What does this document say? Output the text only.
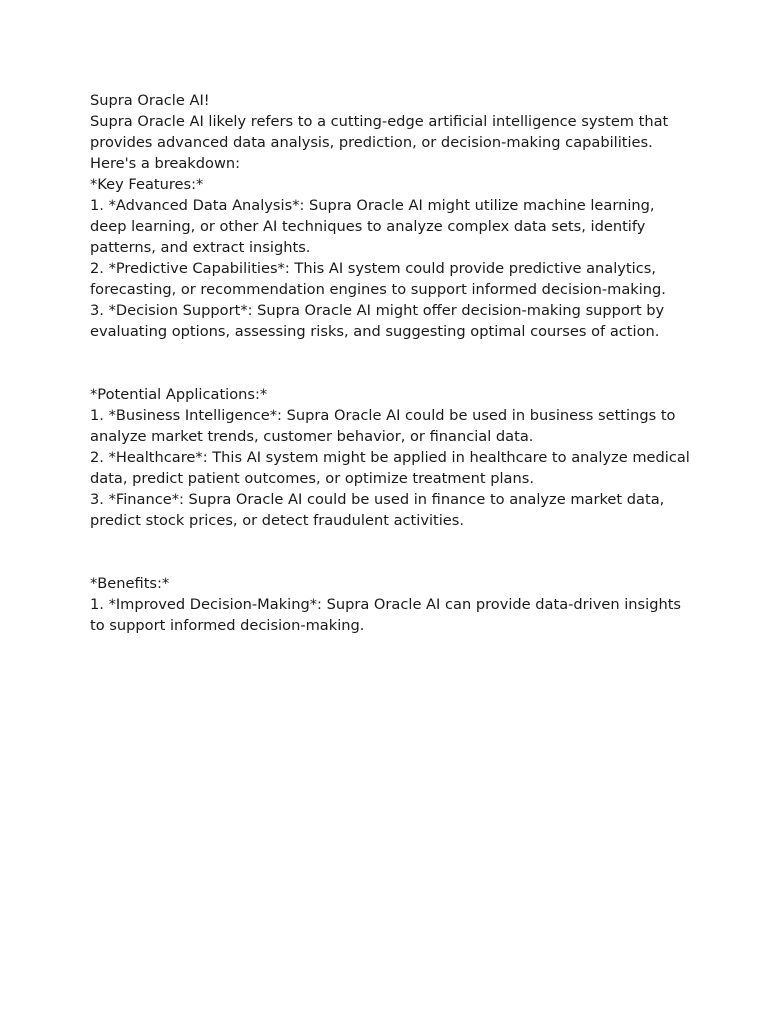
Supra Oracle AI!

Supra Oracle AI likely refers to a cutting-edge artificial intelligence system that provides advanced data analysis, prediction, or decision-making capabilities. Here's a breakdown:

*Key Features:*

1. *Advanced Data Analysis*: Supra Oracle AI might utilize machine learning, deep learning, or other AI techniques to analyze complex data sets, identify patterns, and extract insights.

2. *Predictive Capabilities*: This AI system could provide predictive analytics, forecasting, or recommendation engines to support informed decision-making.

3. *Decision Support*: Supra Oracle AI might offer decision-making support by evaluating options, assessing risks, and suggesting optimal courses of action.

*Potential Applications:*

1. *Business Intelligence*: Supra Oracle AI could be used in business settings to analyze market trends, customer behavior, or financial data.

2. *Healthcare*: This AI system might be applied in healthcare to analyze medical data, predict patient outcomes, or optimize treatment plans.

3. *Finance*: Supra Oracle AI could be used in finance to analyze market data, predict stock prices, or detect fraudulent activities.

*Benefits:*

1. *Improved Decision-Making*: Supra Oracle AI can provide data-driven insights to support informed decision-making.
